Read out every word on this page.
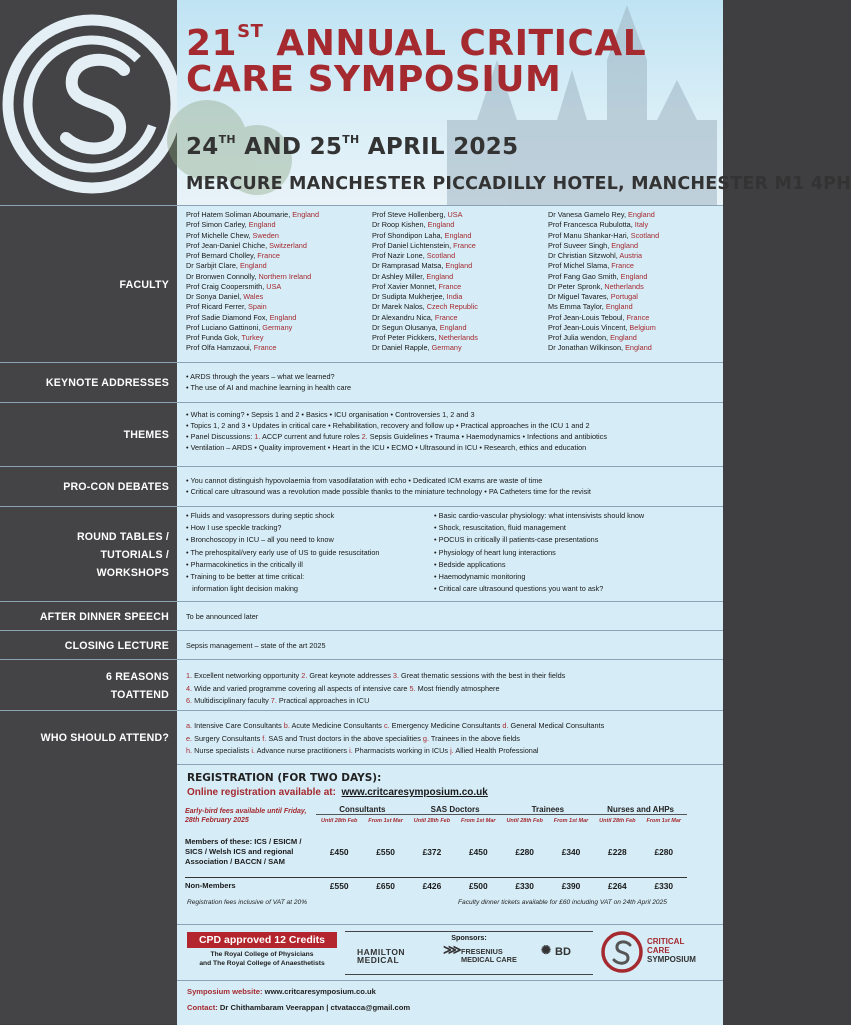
21ST ANNUAL CRITICAL
CARE SYMPOSIUM
24TH AND 25TH APRIL 2025
MERCURE MANCHESTER PICCADILLY HOTEL, MANCHESTER M1 4PH
FACULTY
Prof Hatem Soliman Aboumarie, England
Prof Simon Carley, England
Prof Michelle Chew, Sweden
Prof Jean-Daniel Chiche, Switzerland
Prof Bernard Cholley, France
Dr Sarbjit Clare, England
Dr Bronwen Connolly, Northern Ireland
Prof Craig Coopersmith, USA
Dr Sonya Daniel, Wales
Prof Ricard Ferrer, Spain
Prof Sadie Diamond Fox, England
Prof Luciano Gattinoni, Germany
Prof Funda Gok, Turkey
Prof Olfa Hamzaoui, France
Prof Steve Hollenberg, USA
Dr Roop Kishen, England
Prof Shondipon Laha, England
Prof Daniel Lichtenstein, France
Prof Nazir Lone, Scotland
Dr Ramprasad Matsa, England
Dr Ashley Miller, England
Prof Xavier Monnet, France
Dr Sudipta Mukherjee, India
Dr Marek Nalos, Czech Republic
Dr Alexandru Nica, France
Dr Segun Olusanya, England
Prof Peter Pickkers, Netherlands
Dr Daniel Rapple, Germany
Dr Vanesa Gamelo Rey, England
Prof Francesca Rubulotta, Italy
Prof Manu Shankar-Hari, Scotland
Prof Suveer Singh, England
Dr Christian Sitzwohl, Austria
Prof Michel Slama, France
Prof Fang Gao Smith, England
Dr Peter Spronk, Netherlands
Dr Miguel Tavares, Portugal
Ms Emma Taylor, England
Prof Jean-Louis Teboul, France
Prof Jean-Louis Vincent, Belgium
Prof Julia wendon, England
Dr Jonathan Wilkinson, England
KEYNOTE ADDRESSES
• ARDS through the years – what we learned?
• The use of AI and machine learning in health care
THEMES
• What is coming? • Sepsis 1 and 2 • Basics • ICU organisation • Controversies 1, 2 and 3
• Topics 1, 2 and 3 • Updates in critical care • Rehabilitation, recovery and follow up • Practical approaches in the ICU 1 and 2
• Panel Discussions: 1. ACCP current and future roles 2. Sepsis Guidelines • Trauma • Haemodynamics • Infections and antibiotics
• Ventilation – ARDS • Quality improvement • Heart in the ICU • ECMO • Ultrasound in ICU • Research, ethics and education
PRO-CON DEBATES
• You cannot distinguish hypovolaemia from vasodilatation with echo • Dedicated ICM exams are waste of time
• Critical care ultrasound was a revolution made possible thanks to the miniature technology • PA Catheters time for the revisit
ROUND TABLES /
TUTORIALS /
WORKSHOPS
• Fluids and vasopressors during septic shock
• How I use speckle tracking?
• Bronchoscopy in ICU – all you need to know
• The prehospital/very early use of US to guide resuscitation
• Pharmacokinetics in the critically ill
• Training to be better at time critical:
information light decision making
• Basic cardio-vascular physiology: what intensivists should know
• Shock, resuscitation, fluid management
• POCUS in critically ill patients-case presentations
• Physiology of heart lung interactions
• Bedside applications
• Haemodynamic monitoring
• Critical care ultrasound questions you want to ask?
AFTER DINNER SPEECH	To be announced later
CLOSING LECTURE	Sepsis management – state of the art 2025
6 REASONS
TOATTEND
1. Excellent networking opportunity 2. Great keynote addresses 3. Great thematic sessions with the best in their fields
4. Wide and varied programme covering all aspects of intensive care 5. Most friendly atmosphere
6. Multidisciplinary faculty 7. Practical approaches in ICU
WHO SHOULD ATTEND?
a. Intensive Care Consultants b. Acute Medicine Consultants c. Emergency Medicine Consultants d. General Medical Consultants
e. Surgery Consultants f. SAS and Trust doctors in the above specialities g. Trainees in the above fields
h. Nurse specialists i. Advance nurse practitioners i. Pharmacists working in ICUs j. Allied Health Professional
REGISTRATION (FOR TWO DAYS):
Online registration available at: www.critcaresymposium.co.uk
Early-bird fees available until Friday, 28th February 2025	Consultants		SAS Doctors		Trainees		Nurses and AHPs	
	Until 28th Feb	From 1st Mar	Until 28th Feb	From 1st Mar	Until 28th Feb	From 1st Mar	Until 28th Feb	From 1st Mar
Members of these: ICS / ESICM / SICS / Welsh ICS and regional Association / BACCN / SAM	£450	£550	£372	£450	£280	£340	£228	£280
Non-Members	£550	£650	£426	£500	£330	£390	£264	£330
Registration fees inclusive of VAT at 20%	Faculty dinner tickets available for £60 including VAT on 24th April 2025
CPD approved 12 Credits
The Royal College of Physicians
and The Royal College of Anaesthetists
Sponsors:
HAMILTON
MEDICAL
⋙ FRESENIUS
MEDICAL CARE
✺ BD
CRITICAL
CARE
SYMPOSIUM
Symposium website: www.critcaresymposium.co.uk
Contact: Dr Chithambaram Veerappan | ctvatacca@gmail.com
